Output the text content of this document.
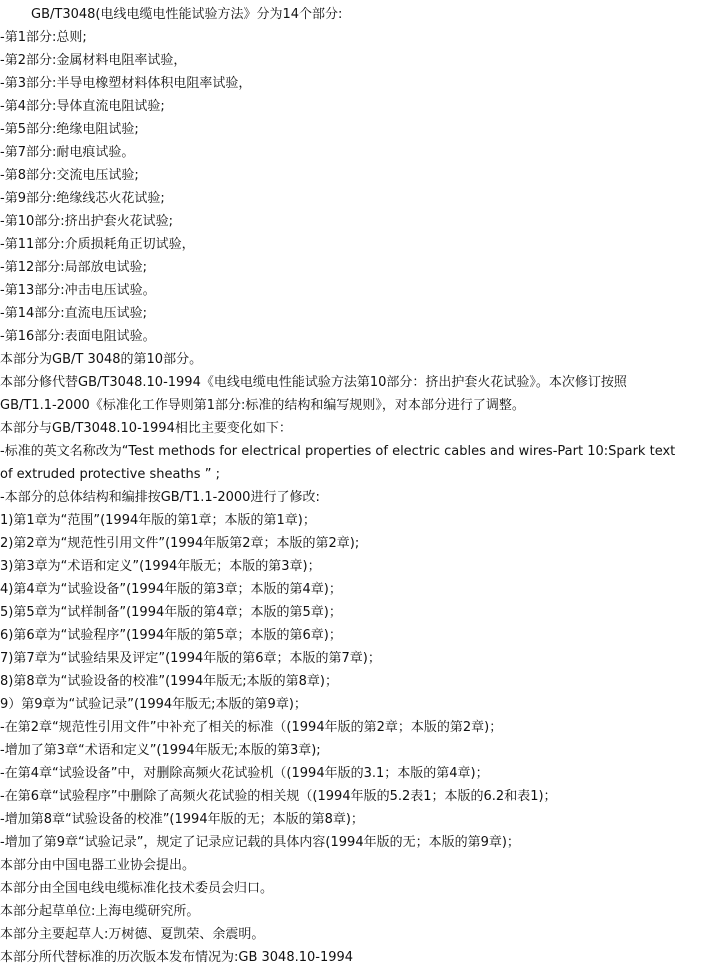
GB/T3048(电线电缆电性能试验方法》分为14个部分:
-第1部分:总则;
-第2部分:金属材料电阻率试验，
-第3部分:半导电橡塑材料体积电阻率试验，
-第4部分:导体直流电阻试验;
-第5部分:绝缘电阻试验;
-第7部分:耐电痕试验。
-第8部分:交流电压试验;
-第9部分:绝缘线芯火花试验;
-第10部分:挤出护套火花试验;
-第11部分:介质损耗角正切试验，
-第12部分:局部放电试验;
-第13部分:冲击电压试验。
-第14部分:直流电压试验;
-第16部分:表面电阻试验。
本部分为GB/T 3048的第10部分。
本部分修代替GB/T3048.10-1994《电线电缆电性能试验方法第10部分：挤出护套火花试验》。本次修订按照
GB/T1.1-2000《标准化工作导则第1部分:标准的结构和编写规则》，对本部分进行了调整。
本部分与GB/T3048.10-1994相比主要变化如下：
-标准的英文名称改为“Test methods for electrical properties of electric cables and wires-Part 10:Spark text
of extruded protective sheaths ” ;
-本部分的总体结构和编排按GB/T1.1-2000进行了修改:
1)第1章为“范围”(1994年版的第1章；本版的第1章)；
2)第2章为“规范性引用文件”(1994年版第2章；本版的第2章);
3)第3章为“术语和定义”(1994年版无；本版的第3章)；
4)第4章为“试验设备”(1994年版的第3章；本版的第4章)；
5)第5章为“试样制备”(1994年版的第4章；本版的第5章)；
6)第6章为“试验程序”(1994年版的第5章；本版的第6章)；
7)第7章为“试验结果及评定”(1994年版的第6章；本版的第7章)；
8)第8章为“试验设备的校准”(1994年版无;本版的第8章)；
9）第9章为“试验记录”(1994年版无;本版的第9章)；
-在第2章“规范性引用文件”中补充了相关的标准（(1994年版的第2章；本版的第2章)；
-增加了第3章“术语和定义”(1994年版无;本版的第3章);
-在第4章“试验设备”中，对删除高频火花试验机（(1994年版的3.1；本版的第4章)；
-在第6章“试验程序”中删除了高频火花试验的相关规（(1994年版的5.2表1；本版的6.2和表1)；
-增加第8章“试验设备的校准”(1994年版的无；本版的第8章)；
-增加了第9章“试验记录”，规定了记录应记载的具体内容(1994年版的无；本版的第9章)；
本部分由中国电器工业协会提出。
本部分由全国电线电缆标准化技术委员会归口。
本部分起草单位:上海电缆研究所。
本部分主要起草人:万树德、夏凯荣、余震明。
本部分所代替标准的历次版本发布情况为:GB 3048.10-1994
